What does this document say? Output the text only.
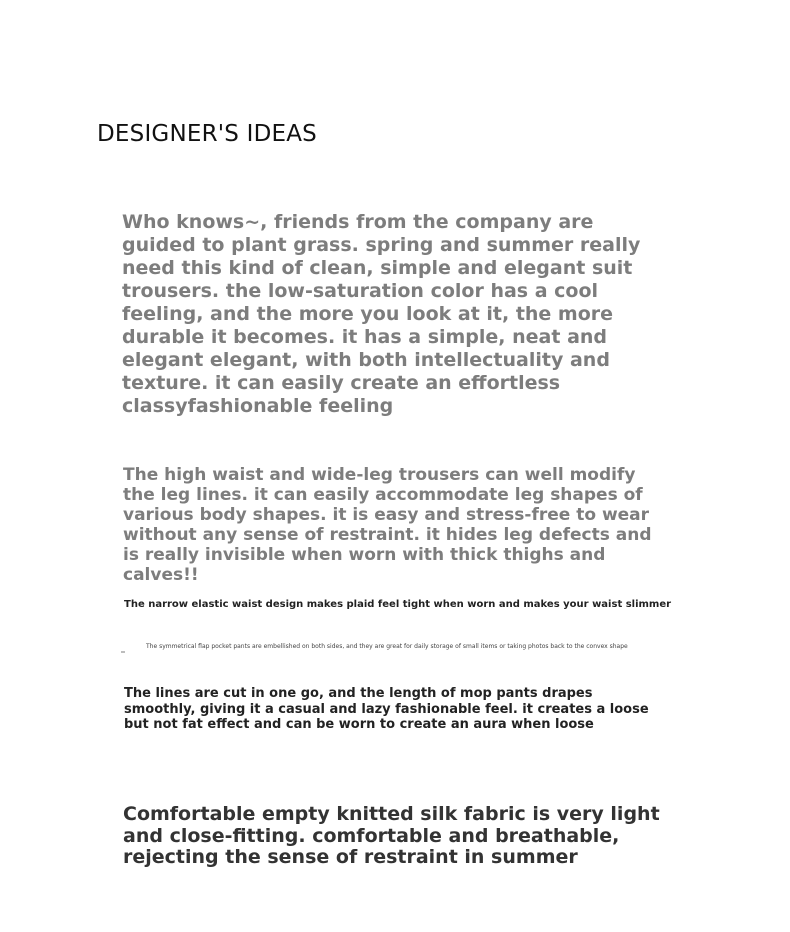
DESIGNER'S IDEAS

Who knows~, friends from the company are guided to plant grass. spring and summer really need this kind of clean, simple and elegant suit trousers. the low-saturation color has a cool feeling, and the more you look at it, the more durable it becomes. it has a simple, neat and elegant elegant, with both intellectuality and texture. it can easily create an effortless classyfashionable feeling

The high waist and wide-leg trousers can well modify the leg lines. it can easily accommodate leg shapes of various body shapes. it is easy and stress-free to wear without any sense of restraint. it hides leg defects and is really invisible when worn with thick thighs and calves!!

The narrow elastic waist design makes plaid feel tight when worn and makes your waist slimmer

The symmetrical flap pocket pants are embellished on both sides, and they are great for daily storage of small items or taking photos back to the convex shape

The lines are cut in one go, and the length of mop pants drapes smoothly, giving it a casual and lazy fashionable feel. it creates a loose but not fat effect and can be worn to create an aura when loose

Comfortable empty knitted silk fabric is very light and close-fitting. comfortable and breathable, rejecting the sense of restraint in summer
